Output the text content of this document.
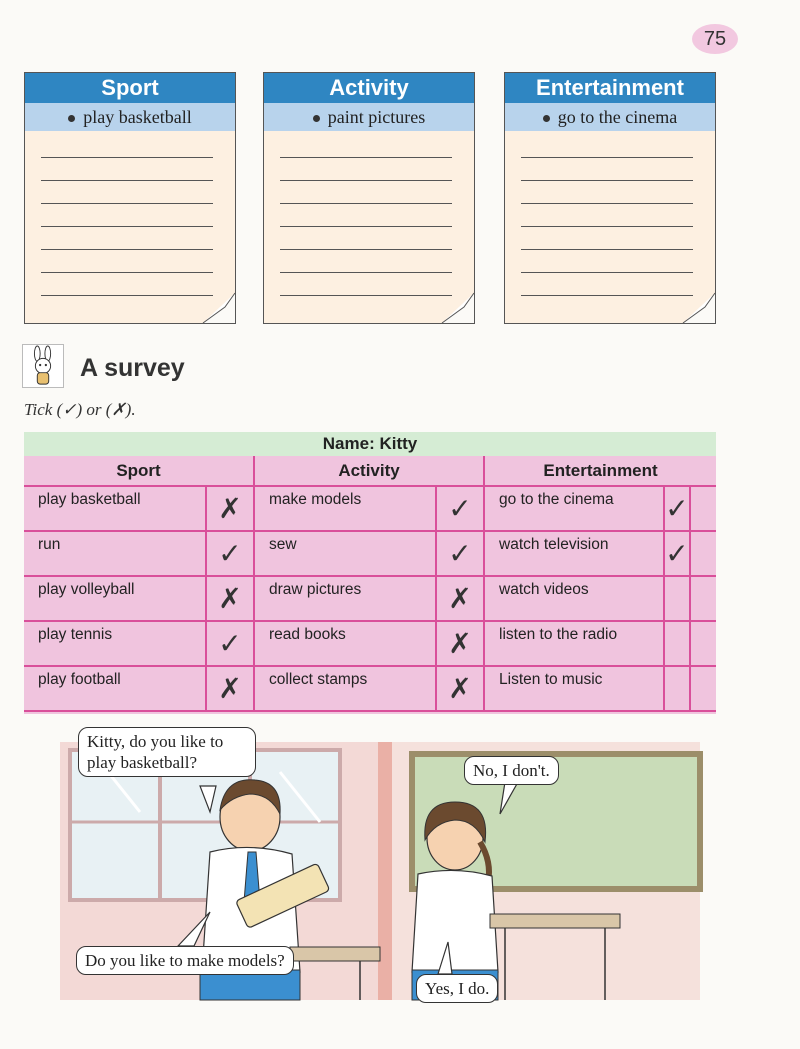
75
Sport
play basketball
Activity
paint pictures
Entertainment
go to the cinema
A survey
Tick (✓) or (✗).
Name: Kitty
Sport		Activity		Entertainment		
play basketball	✗	make models	✓	go to the cinema	✓	
run	✓	sew	✓	watch television	✓	
play volleyball	✗	draw pictures	✗	watch videos		
play tennis	✓	read books	✗	listen to the radio		
play football	✗	collect stamps	✗	Listen to music		
Kitty, do you like to play basketball?	No, I don't.
Do you like to make models?
Yes, I do.
